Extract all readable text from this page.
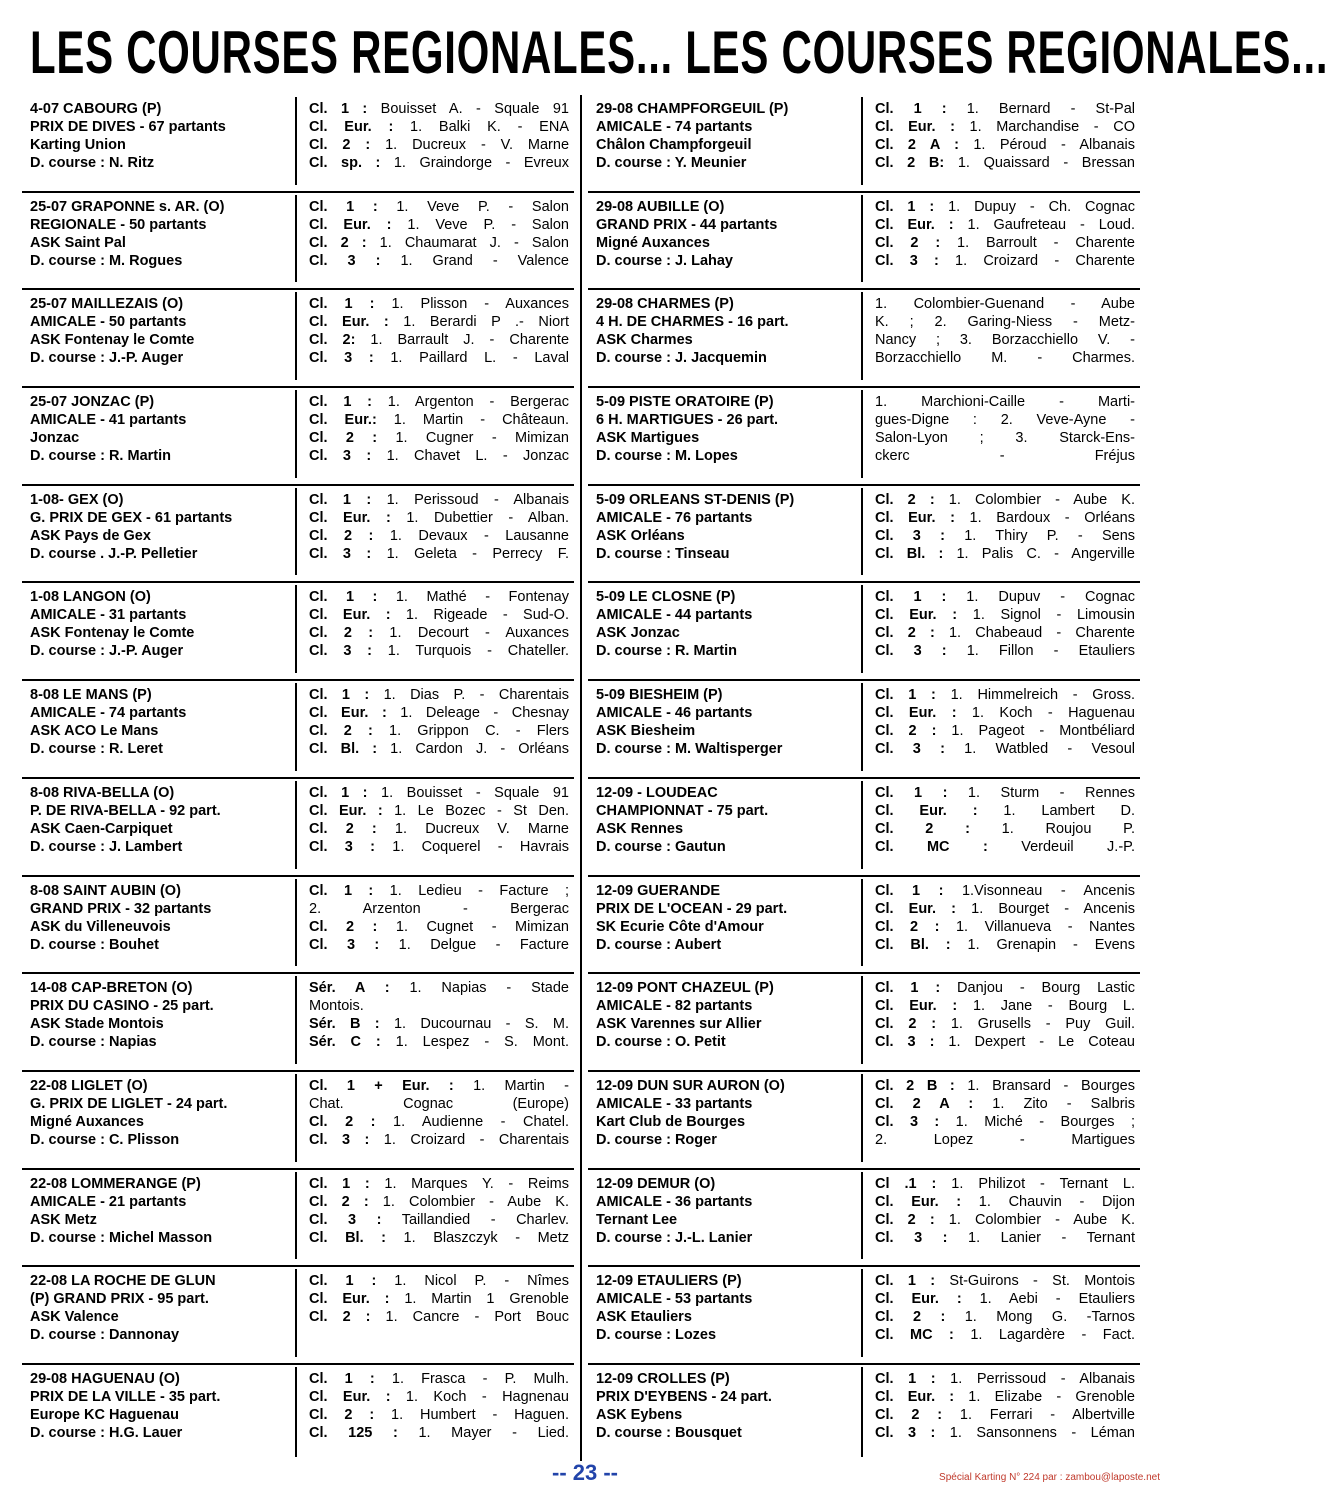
LES COURSES REGIONALES... LES COURSES REGIONALES...
4-07 CABOURG (P)
PRIX DE DIVES - 67 partants
Karting Union
D. course : N. Ritz
Cl. 1 : Bouisset A. - Squale 91
Cl. Eur. : 1. Balki K. - ENA
Cl. 2 : 1. Ducreux - V. Marne
Cl. sp. : 1. Graindorge - Evreux
25-07 GRAPONNE s. AR. (O)
REGIONALE - 50 partants
ASK Saint Pal
D. course : M. Rogues
Cl. 1 : 1. Veve P. - Salon
Cl. Eur. : 1. Veve P. - Salon
Cl. 2 : 1. Chaumarat J. - Salon
Cl. 3 : 1. Grand - Valence
25-07 MAILLEZAIS (O)
AMICALE - 50 partants
ASK Fontenay le Comte
D. course : J.-P. Auger
Cl. 1 : 1. Plisson - Auxances
Cl. Eur. : 1. Berardi P .- Niort
Cl. 2: 1. Barrault J. - Charente
Cl. 3 : 1. Paillard L. - Laval
25-07 JONZAC (P)
AMICALE - 41 partants
Jonzac
D. course : R. Martin
Cl. 1 : 1. Argenton - Bergerac
Cl. Eur.: 1. Martin - Châteaun.
Cl. 2 : 1. Cugner - Mimizan
Cl. 3 : 1. Chavet L. - Jonzac
1-08- GEX (O)
G. PRIX DE GEX - 61 partants
ASK Pays de Gex
D. course . J.-P. Pelletier
Cl. 1 : 1. Perissoud - Albanais
Cl. Eur. : 1. Dubettier - Alban.
Cl. 2 : 1. Devaux - Lausanne
Cl. 3 : 1. Geleta - Perrecy F.
1-08 LANGON (O)
AMICALE - 31 partants
ASK Fontenay le Comte
D. course : J.-P. Auger
Cl. 1 : 1. Mathé - Fontenay
Cl. Eur. : 1. Rigeade - Sud-O.
Cl. 2 : 1. Decourt - Auxances
Cl. 3 : 1. Turquois - Chateller.
8-08 LE MANS (P)
AMICALE - 74 partants
ASK ACO Le Mans
D. course : R. Leret
Cl. 1 : 1. Dias P. - Charentais
Cl. Eur. : 1. Deleage - Chesnay
Cl. 2 : 1. Grippon C. - Flers
Cl. Bl. : 1. Cardon J. - Orléans
8-08 RIVA-BELLA (O)
P. DE RIVA-BELLA - 92 part.
ASK Caen-Carpiquet
D. course : J. Lambert
Cl. 1 : 1. Bouisset - Squale 91
Cl. Eur. : 1. Le Bozec - St Den.
Cl. 2 : 1. Ducreux V. Marne
Cl. 3 : 1. Coquerel - Havrais
8-08 SAINT AUBIN (O)
GRAND PRIX - 32 partants
ASK du Villeneuvois
D. course : Bouhet
Cl. 1 : 1. Ledieu - Facture ;
2. Arzenton - Bergerac
Cl. 2 : 1. Cugnet - Mimizan
Cl. 3 : 1. Delgue - Facture
14-08 CAP-BRETON (O)
PRIX DU CASINO - 25 part.
ASK Stade Montois
D. course : Napias
Sér. A : 1. Napias - Stade
Montois.
Sér. B : 1. Ducournau - S. M.
Sér. C : 1. Lespez - S. Mont.
22-08 LIGLET (O)
G. PRIX DE LIGLET - 24 part.
Migné Auxances
D. course : C. Plisson
Cl. 1 + Eur. : 1. Martin -
Chat. Cognac (Europe)
Cl. 2 : 1. Audienne - Chatel.
Cl. 3 : 1. Croizard - Charentais
22-08 LOMMERANGE (P)
AMICALE - 21 partants
ASK Metz
D. course : Michel Masson
Cl. 1 : 1. Marques Y. - Reims
Cl. 2 : 1. Colombier - Aube K.
Cl. 3 : Taillandied - Charlev.
Cl. Bl. : 1. Blaszczyk - Metz
22-08 LA ROCHE DE GLUN
(P) GRAND PRIX - 95 part.
ASK Valence
D. course : Dannonay
Cl. 1 : 1. Nicol P. - Nîmes
Cl. Eur. : 1. Martin 1 Grenoble
Cl. 2 : 1. Cancre - Port Bouc
29-08 HAGUENAU (O)
PRIX DE LA VILLE - 35 part.
Europe KC Haguenau
D. course : H.G. Lauer
Cl. 1 : 1. Frasca - P. Mulh.
Cl. Eur. : 1. Koch - Hagnenau
Cl. 2 : 1. Humbert - Haguen.
Cl. 125 : 1. Mayer - Lied.
29-08 CHAMPFORGEUIL (P)
AMICALE - 74 partants
Châlon Champforgeuil
D. course : Y. Meunier
Cl. 1 : 1. Bernard - St-Pal
Cl. Eur. : 1. Marchandise - CO
Cl. 2 A : 1. Péroud - Albanais
Cl. 2 B: 1. Quaissard - Bressan
29-08 AUBILLE (O)
GRAND PRIX - 44 partants
Migné Auxances
D. course : J. Lahay
Cl. 1 : 1. Dupuy - Ch. Cognac
Cl. Eur. : 1. Gaufreteau - Loud.
Cl. 2 : 1. Barroult - Charente
Cl. 3 : 1. Croizard - Charente
29-08 CHARMES (P)
4 H. DE CHARMES - 16 part.
ASK Charmes
D. course : J. Jacquemin
1. Colombier-Guenand - Aube
K. ; 2. Garing-Niess - Metz-
Nancy ; 3. Borzacchiello V. -
Borzacchiello M. - Charmes.
5-09 PISTE ORATOIRE (P)
6 H. MARTIGUES - 26 part.
ASK Martigues
D. course : M. Lopes
1. Marchioni-Caille - Marti-
gues-Digne : 2. Veve-Ayne -
Salon-Lyon ; 3. Starck-Ens-
ckerc - Fréjus
5-09 ORLEANS ST-DENIS (P)
AMICALE - 76 partants
ASK Orléans
D. course : Tinseau
Cl. 2 : 1. Colombier - Aube K.
Cl. Eur. : 1. Bardoux - Orléans
Cl. 3 : 1. Thiry P. - Sens
Cl. Bl. : 1. Palis C. - Angerville
5-09 LE CLOSNE (P)
AMICALE - 44 partants
ASK Jonzac
D. course : R. Martin
Cl. 1 : 1. Dupuv - Cognac
Cl. Eur. : 1. Signol - Limousin
Cl. 2 : 1. Chabeaud - Charente
Cl. 3 : 1. Fillon - Etauliers
5-09 BIESHEIM (P)
AMICALE - 46 partants
ASK Biesheim
D. course : M. Waltisperger
Cl. 1 : 1. Himmelreich - Gross.
Cl. Eur. : 1. Koch - Haguenau
Cl. 2 : 1. Pageot - Montbéliard
Cl. 3 : 1. Watbled - Vesoul
12-09 - LOUDEAC
CHAMPIONNAT - 75 part.
ASK Rennes
D. course : Gautun
Cl. 1 : 1. Sturm - Rennes
Cl. Eur. : 1. Lambert D.
Cl. 2 : 1. Roujou P.
Cl. MC : Verdeuil J.-P.
12-09 GUERANDE
PRIX DE L'OCEAN - 29 part.
SK Ecurie Côte d'Amour
D. course : Aubert
Cl. 1 : 1.Visonneau - Ancenis
Cl. Eur. : 1. Bourget - Ancenis
Cl. 2 : 1. Villanueva - Nantes
Cl. Bl. : 1. Grenapin - Evens
12-09 PONT CHAZEUL (P)
AMICALE - 82 partants
ASK Varennes sur Allier
D. course : O. Petit
Cl. 1 : Danjou - Bourg Lastic
Cl. Eur. : 1. Jane - Bourg L.
Cl. 2 : 1. Grusells - Puy Guil.
Cl. 3 : 1. Dexpert - Le Coteau
12-09 DUN SUR AURON (O)
AMICALE - 33 partants
Kart Club de Bourges
D. course : Roger
Cl. 2 B : 1. Bransard - Bourges
Cl. 2 A : 1. Zito - Salbris
Cl. 3 : 1. Miché - Bourges ;
2. Lopez - Martigues
12-09 DEMUR (O)
AMICALE - 36 partants
Ternant Lee
D. course : J.-L. Lanier
Cl .1 : 1. Philizot - Ternant L.
Cl. Eur. : 1. Chauvin - Dijon
Cl. 2 : 1. Colombier - Aube K.
Cl. 3 : 1. Lanier - Ternant
12-09 ETAULIERS (P)
AMICALE - 53 partants
ASK Etauliers
D. course : Lozes
Cl. 1 : St-Guirons - St. Montois
Cl. Eur. : 1. Aebi - Etauliers
Cl. 2 : 1. Mong G. -Tarnos
Cl. MC : 1. Lagardère - Fact.
12-09 CROLLES (P)
PRIX D'EYBENS - 24 part.
ASK Eybens
D. course : Bousquet
Cl. 1 : 1. Perrissoud - Albanais
Cl. Eur. : 1. Elizabe - Grenoble
Cl. 2 : 1. Ferrari - Albertville
Cl. 3 : 1. Sansonnens - Léman
-- 23 --	Spécial Karting N° 224 par : zambou@laposte.net
